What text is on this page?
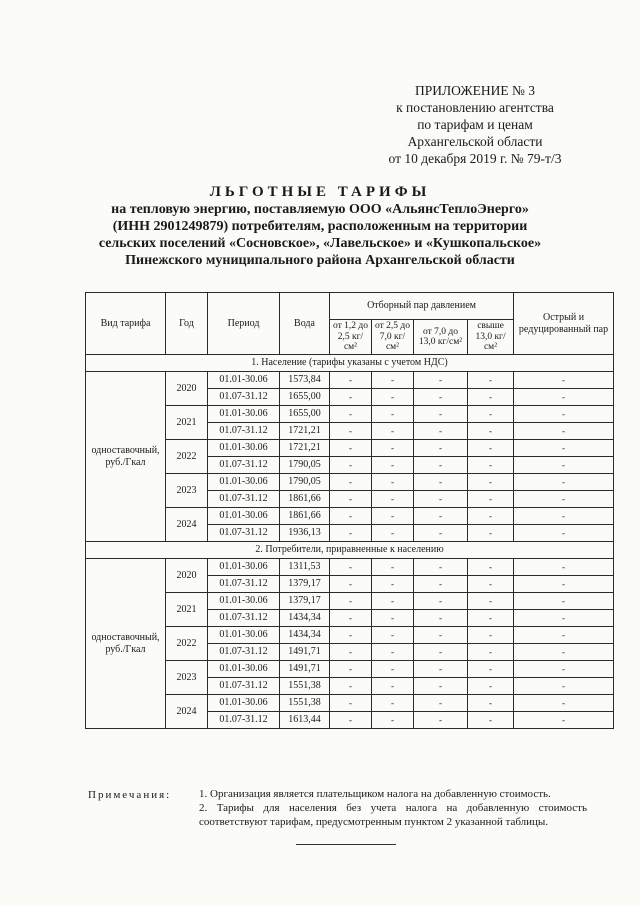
ПРИЛОЖЕНИЕ № 3
к постановлению агентства
по тарифам и ценам
Архангельской области
от 10 декабря 2019 г. № 79-т/3
ЛЬГОТНЫЕ ТАРИФЫ
на тепловую энергию, поставляемую ООО «АльянсТеплоЭнерго»
(ИНН 2901249879) потребителям, расположенным на территории
сельских поселений «Сосновское», «Лавельское» и «Кушкопальское»
Пинежского муниципального района Архангельской области
Вид тарифа	Год	Период	Вода	Отборный пар давлением				Острый и редуцированный пар
				от 1,2 до 2,5 кг/см²	от 2,5 до 7,0 кг/см²	от 7,0 до 13,0 кг/см²	свыше 13,0 кг/см²	
1. Население (тарифы указаны с учетом НДС)								
одноставочный, руб./Гкал	2020	01.01-30.06	1573,84	-	-	-	-	-
		01.07-31.12	1655,00	-	-	-	-	-
	2021	01.01-30.06	1655,00	-	-	-	-	-
		01.07-31.12	1721,21	-	-	-	-	-
	2022	01.01-30.06	1721,21	-	-	-	-	-
		01.07-31.12	1790,05	-	-	-	-	-
	2023	01.01-30.06	1790,05	-	-	-	-	-
		01.07-31.12	1861,66	-	-	-	-	-
	2024	01.01-30.06	1861,66	-	-	-	-	-
		01.07-31.12	1936,13	-	-	-	-	-
2. Потребители, приравненные к населению								
одноставочный, руб./Гкал	2020	01.01-30.06	1311,53	-	-	-	-	-
		01.07-31.12	1379,17	-	-	-	-	-
	2021	01.01-30.06	1379,17	-	-	-	-	-
		01.07-31.12	1434,34	-	-	-	-	-
	2022	01.01-30.06	1434,34	-	-	-	-	-
		01.07-31.12	1491,71	-	-	-	-	-
	2023	01.01-30.06	1491,71	-	-	-	-	-
		01.07-31.12	1551,38	-	-	-	-	-
	2024	01.01-30.06	1551,38	-	-	-	-	-
		01.07-31.12	1613,44	-	-	-	-	-
Примечания:	1. Организация является плательщиком налога на добавленную стоимость.
2. Тарифы для населения без учета налога на добавленную стоимость соответствуют тарифам, предусмотренным пунктом 2 указанной таблицы.
